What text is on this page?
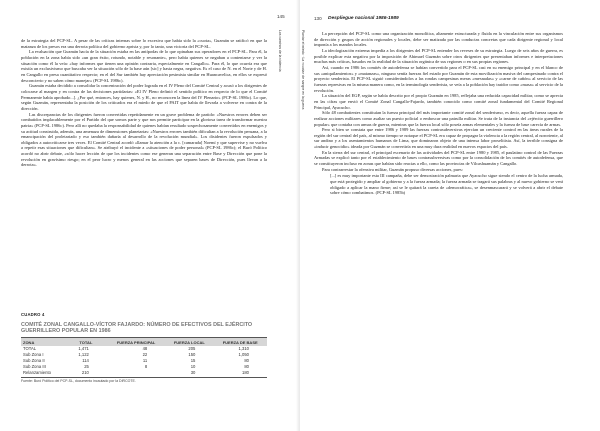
de la estrategia del PCP-SL. A pesar de las críticas internas sobre lo excesiva que había sido la «cuota», Guzmán se ratificó en que la matanza de los presos era una derrota política del gobierno aprista y, por lo tanto, una victoria del PCP-SL.

La evaluación que Guzmán hacía de la situación estaba en las antípodas de lo que opinaban sus operadores en el PCP-SL. Para él, la población en la zona había sido «un gran éxito, rotundo, notable y resonante», pero había quienes se negaban a contentarse y ver la situación como él la veía: «hay informes que tienen una opinión contraria, especialmente en Cangallo». Para él, lo que ocurría era que existía un exclusivismo que buscaba ver la situación sólo de la base aún [sic] y hasta negra, negativa. Es el caso de N. en el Norte y de H. en Cangallo en presa cuantitativo respecto; en el del Sur también hay apreciación pesimista similar en Huancavelica, en ellos se expresó desconcierto y no saben cómo manejar» (PCP-SL 1986c).

Guzmán estaba decidido a consolidar la concentración del poder lograda en el IV Pleno del Comité Central y acusó a los dirigentes de colocarse al margen y en contra de las decisiones partidarias: «El IV Pleno definió el sentido político en respecto de lo que el Comité Permanente había aprobado...]. ¿Por qué, entonces, hay quienes, N. y H., no reconocen la línea del IV Plenario» (PCP-SL 1986c). Lo que, según Guzmán, representaba la posición de los criticados era el miedo de que el PAIT que había de llevarla a volverse en contra de la dirección.

Las discrepancias de los dirigentes fueron convertidas repetidamente en un grave problema de partido: «Nuestros errores deben ser combatidos implacablemente por el Partido del que somos parte y que nos permite participar en la gloriosa tarea de transformar nuestra patria» (PCP-SL 1986c). Pero allí no quedaba la responsabilidad de quienes habían resultado sospechosamente convertidos en enemigos y su actitud construida, además, una amenaza de dimensiones planetarias: «Nuestros errores también dificultan a la revolución peruana, a la emancipación del proletariado y eso también dañaría al desarrollo de la revolución mundial». Los disidentes fueron expulsados y obligados a autocriticarse tres veces. El Comité Central acordó «llamar la atención a la c. [camarada] Noemí y que supervise y no vuelva a repetir esas situaciones que dificultan». Se atribuyó el incidente a «situaciones de poder personal» (PCP-SL 1986c); el Buró Político acordó no abrir debate, «sólo hacer lección de que los incidentes como ese generan una separación entre Base y Dirección que pone la revolución en gravísimo riesgo; en el peor lucro y menos general en las acciones que separen bases de Dirección, pues llevan a la derrota».

CUADRO 4
COMITÉ ZONAL CANGALLO-VÍCTOR FAJARDO: NÚMERO DE EFECTIVOS DEL EJÉRCITO GUERRILLERO POPULAR EN 1986
ZONA	TOTAL	FUERZA PRINCIPAL	FUERZA LOCAL	FUERZA DE BASE
TOTAL	1,471	48	205	1,310
Sub Zona I	1,122	22	150	1,050
Sub Zona II	114	11	15	80
Sub Zona III	25	8	10	80
Relanzamiento	210		30	180
Fuente: Buró Político del PCP-SL, documento incautado por la DIRCOTE.
145
Los caminos de la violencia
130 Despliegue nacional 1986-1989
Plantar el miedo · La «cuota» de sangre en la guerra	La percepción del PCP-SL como una organización monolítica, altamente estructurada y fluida en la vinculación entre sus organismos de dirección y grupos de acción regionales y locales, debe ser matizada por las conductas concretas que cada dirigente regional y local imponía a los mandos locales.

La ideologización extrema impedía a los dirigentes del PCP-SL entender los reveses de su estrategia. Luego de seis años de guerra, es posible explicar esta negativa por la imposición de Abimael Guzmán sobre otros dirigentes que presentaban informes e interpretaciones muchas más críticas, basados en la realidad de la situación orgánica de sus regiones o en sus propias regiones.

Así, cuando en 1986 los comités de autodefensa se habían convertido para el PCP-SL casi en su enemigo principal y en el blanco de sus «aniquilamientos» y «matanzas», ninguno sentía fuerzas fiel estado por Guzmán de esta movilización masiva del campesinado contra el proyecto senderista. El PCP-SL siguió considerándolos a las rondas campesinas meras «mesnadas» y «carne de cañón» al servicio de las fuerzas represivas en la misma manera como, en la terminología senderista, se veía a la población hay traidor como «masa» al servicio de la revolución.

La situación del EGP, según se había descrito por el propio Guzmán en 1985, reflejaba una reducida capacidad militar, como se aprecia en las cifras que envió el Comité Zonal Cangallo-Fajardo, también conocido como comité zonal fundamental del Comité Regional Principal, Ayacucho.

Sólo 48 combatientes constituían la fuerza principal del más importante comité zonal del senderismo, es decir, aquella fuerza capaz de realizar acciones militares como asaltar un puesto policial o emboscar una patrulla militar. Se trata de la instancia del «ejército guerrillero popular» que contaba con armas de guerra, mientras que la fuerza local sólo poseía armas elementales y la fuerza de base carecía de armas.

Pero si bien se constata que entre 1986 y 1989 las fuerzas contrasubversivas ejercían un creciente control en las áreas rurales de la región del sur central del país, al mismo tiempo se notaque el PCP-SL era capaz de propagar la violencia a la región central, al nororiente, al sur andino y a los asentamientos humanos de Lima, que dominaron objeto de una intensa labor proselitista. Así, la terrible consigna de «inducir genocidio» ideada por Guzmán se convertiría en una muy dura realidad en nuevos espacios del país.

En la sierra del sur central, el principal escenario de las actividades del PCP-SL entre 1980 y 1985, el paulatino control de las Fuerzas Armadas se explicó tanto por el establecimiento de bases contrasubversivas como por la consolidación de los comités de autodefensa, que se constituyeron incluso en zonas que habían sido reacias a ello, como las provincias de Vilcashuamán y Cangallo.

Para contrarrestar la ofensiva militar, Guzmán propuso diversas acciones, pues:

[...] es muy importante esta III campaña, debe ser demostración palmaria que Ayacucho sigue siendo el centro de la lucha armada, que está protegido y ampliar al gobierno y a la fuerza armada; la fuerza armada se tragará sus palabras y al nuevo gobierno se verá obligado a aplicar la mano firme; así se le quitará la careta de «democrática», se desenmascarará y se volverá a abrir el debate sobre cómo combatimos. (PCP-SL 1985b)
